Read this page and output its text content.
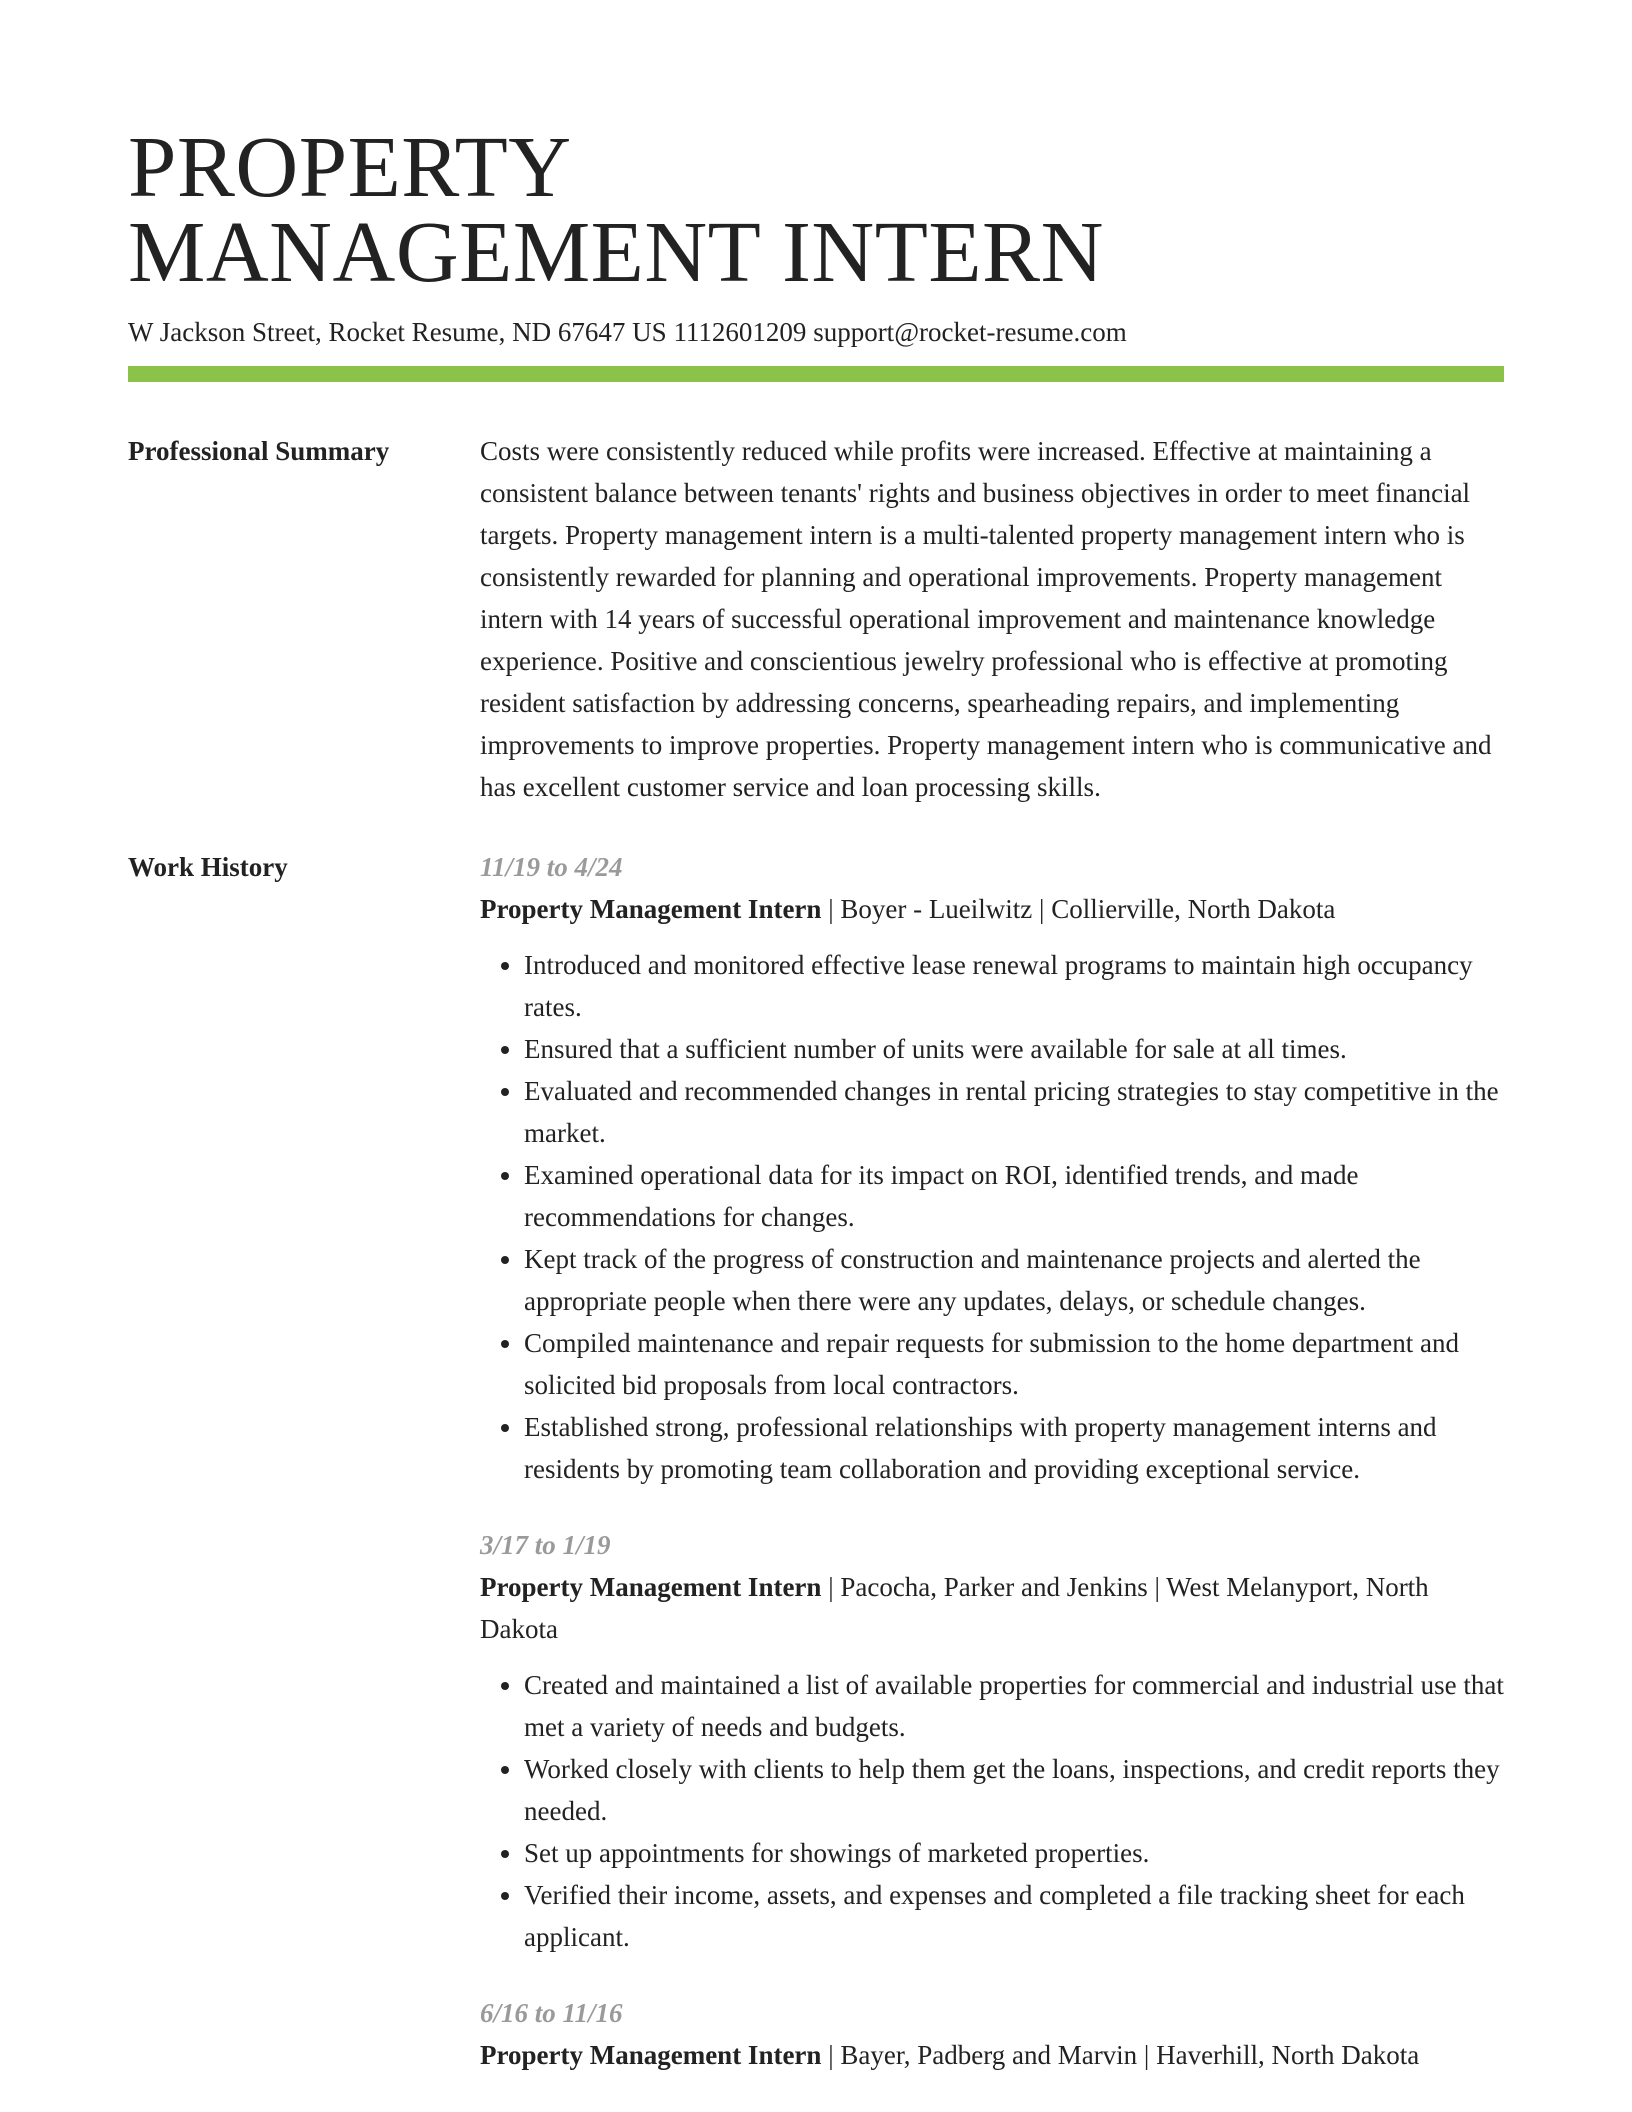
PROPERTY
MANAGEMENT INTERN
W Jackson Street, Rocket Resume, ND 67647 US 1112601209 support@rocket-resume.com
Professional Summary	Costs were consistently reduced while profits were increased. Effective at maintaining a consistent balance between tenants' rights and business objectives in order to meet financial targets. Property management intern is a multi-talented property management intern who is consistently rewarded for planning and operational improvements. Property management intern with 14 years of successful operational improvement and maintenance knowledge experience. Positive and conscientious jewelry professional who is effective at promoting resident satisfaction by addressing concerns, spearheading repairs, and implementing improvements to improve properties. Property management intern who is communicative and has excellent customer service and loan processing skills.

Work History	11/19 to 4/24
Property Management Intern | Boyer - Lueilwitz | Collierville, North Dakota
• Introduced and monitored effective lease renewal programs to maintain high occupancy rates.
• Ensured that a sufficient number of units were available for sale at all times.
• Evaluated and recommended changes in rental pricing strategies to stay competitive in the market.
• Examined operational data for its impact on ROI, identified trends, and made recommendations for changes.
• Kept track of the progress of construction and maintenance projects and alerted the appropriate people when there were any updates, delays, or schedule changes.
• Compiled maintenance and repair requests for submission to the home department and solicited bid proposals from local contractors.
• Established strong, professional relationships with property management interns and residents by promoting team collaboration and providing exceptional service.
3/17 to 1/19
Property Management Intern | Pacocha, Parker and Jenkins | West Melanyport, North Dakota
• Created and maintained a list of available properties for commercial and industrial use that met a variety of needs and budgets.
• Worked closely with clients to help them get the loans, inspections, and credit reports they needed.
• Set up appointments for showings of marketed properties.
• Verified their income, assets, and expenses and completed a file tracking sheet for each applicant.
6/16 to 11/16
Property Management Intern | Bayer, Padberg and Marvin | Haverhill, North Dakota
